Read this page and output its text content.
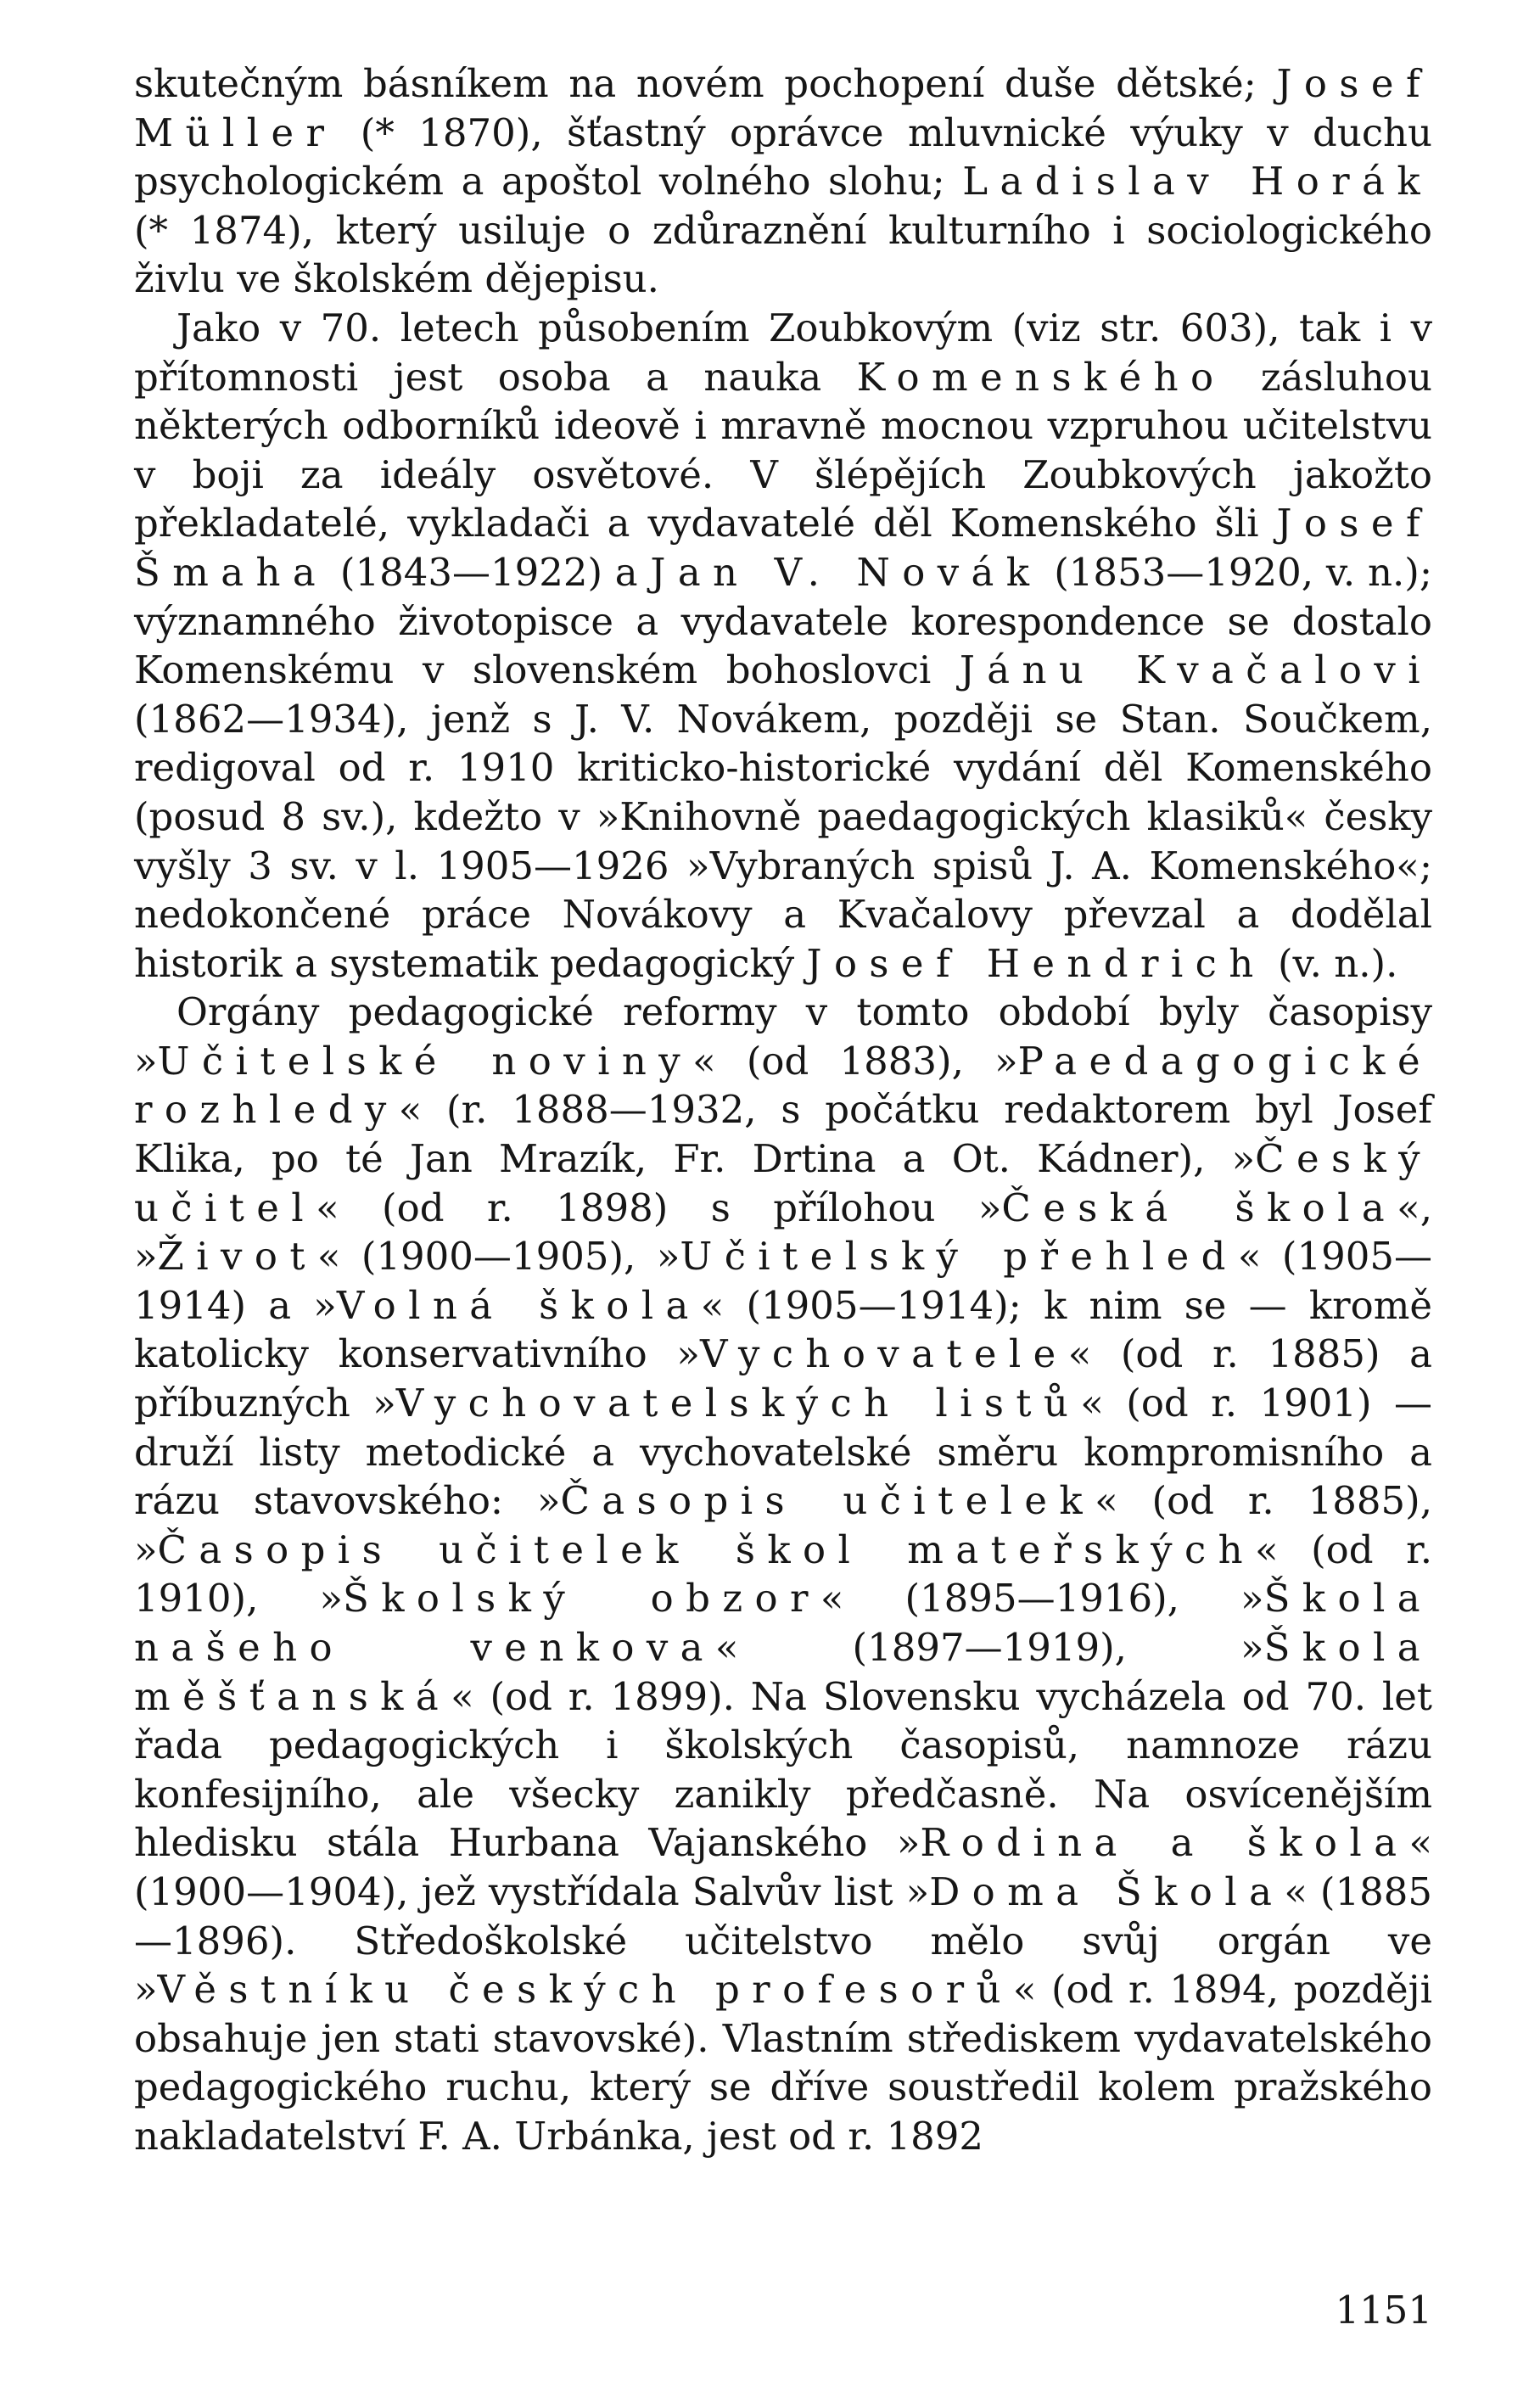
skutečným básníkem na novém pochopení duše dětské; Josef Müller (* 1870), šťastný oprávce mluvnické výuky v duchu psychologickém a apoštol volného slohu; Ladislav Horák (* 1874), který usiluje o zdůraznění kulturního i sociologického živlu ve školském dějepisu.

Jako v 70. letech působením Zoubkovým (viz str. 603), tak i v přítomnosti jest osoba a nauka Komenského zásluhou některých odborníků ideově i mravně mocnou vzpruhou učitelstvu v boji za ideály osvětové. V šlépějích Zoubkových jakožto překladatelé, vykladači a vydavatelé děl Komenského šli Josef Šmaha (1843—1922) a Jan V. Novák (1853—1920, v. n.); významného životopisce a vydavatele korespondence se dostalo Komenskému v slovenském bohoslovci Jánu Kvačalovi (1862—1934), jenž s J. V. Novákem, později se Stan. Součkem, redigoval od r. 1910 kriticko-historické vydání děl Komenského (posud 8 sv.), kdežto v »Knihovně paedagogických klasiků« česky vyšly 3 sv. v l. 1905—1926 »Vybraných spisů J. A. Komenského«; nedokončené práce Novákovy a Kvačalovy převzal a dodělal historik a systematik pedagogický Josef Hendrich (v. n.).

Orgány pedagogické reformy v tomto období byly časopisy »Učitelské noviny« (od 1883), »Paedagogické rozhledy« (r. 1888—1932, s počátku redaktorem byl Josef Klika, po té Jan Mrazík, Fr. Drtina a Ot. Kádner), »Český učitel« (od r. 1898) s přílohou »Česká škola«, »Život« (1900—1905), »Učitelský přehled« (1905—1914) a »Volná škola« (1905—1914); k nim se — kromě katolicky konservativního »Vychovatele« (od r. 1885) a příbuzných »Vychovatelských listů« (od r. 1901) — druží listy metodické a vychovatelské směru kompromisního a rázu stavovského: »Časopis učitelek« (od r. 1885), »Časopis učitelek škol mateřských« (od r. 1910), »Školský obzor« (1895—1916), »Škola našeho venkova« (1897—1919), »Škola měšťanská« (od r. 1899). Na Slovensku vycházela od 70. let řada pedagogických i školských časopisů, namnoze rázu konfesijního, ale všecky zanikly předčasně. Na osvícenějším hledisku stála Hurbana Vajanského »Rodina a škola« (1900—1904), jež vystřídala Salvův list »Doma Škola« (1885—1896). Středoškolské učitelstvo mělo svůj orgán ve »Věstníku českých profesorů« (od r. 1894, později obsahuje jen stati stavovské). Vlastním střediskem vydavatelského pedagogického ruchu, který se dříve soustředil kolem pražského nakladatelství F. A. Urbánka, jest od r. 1892

1151
